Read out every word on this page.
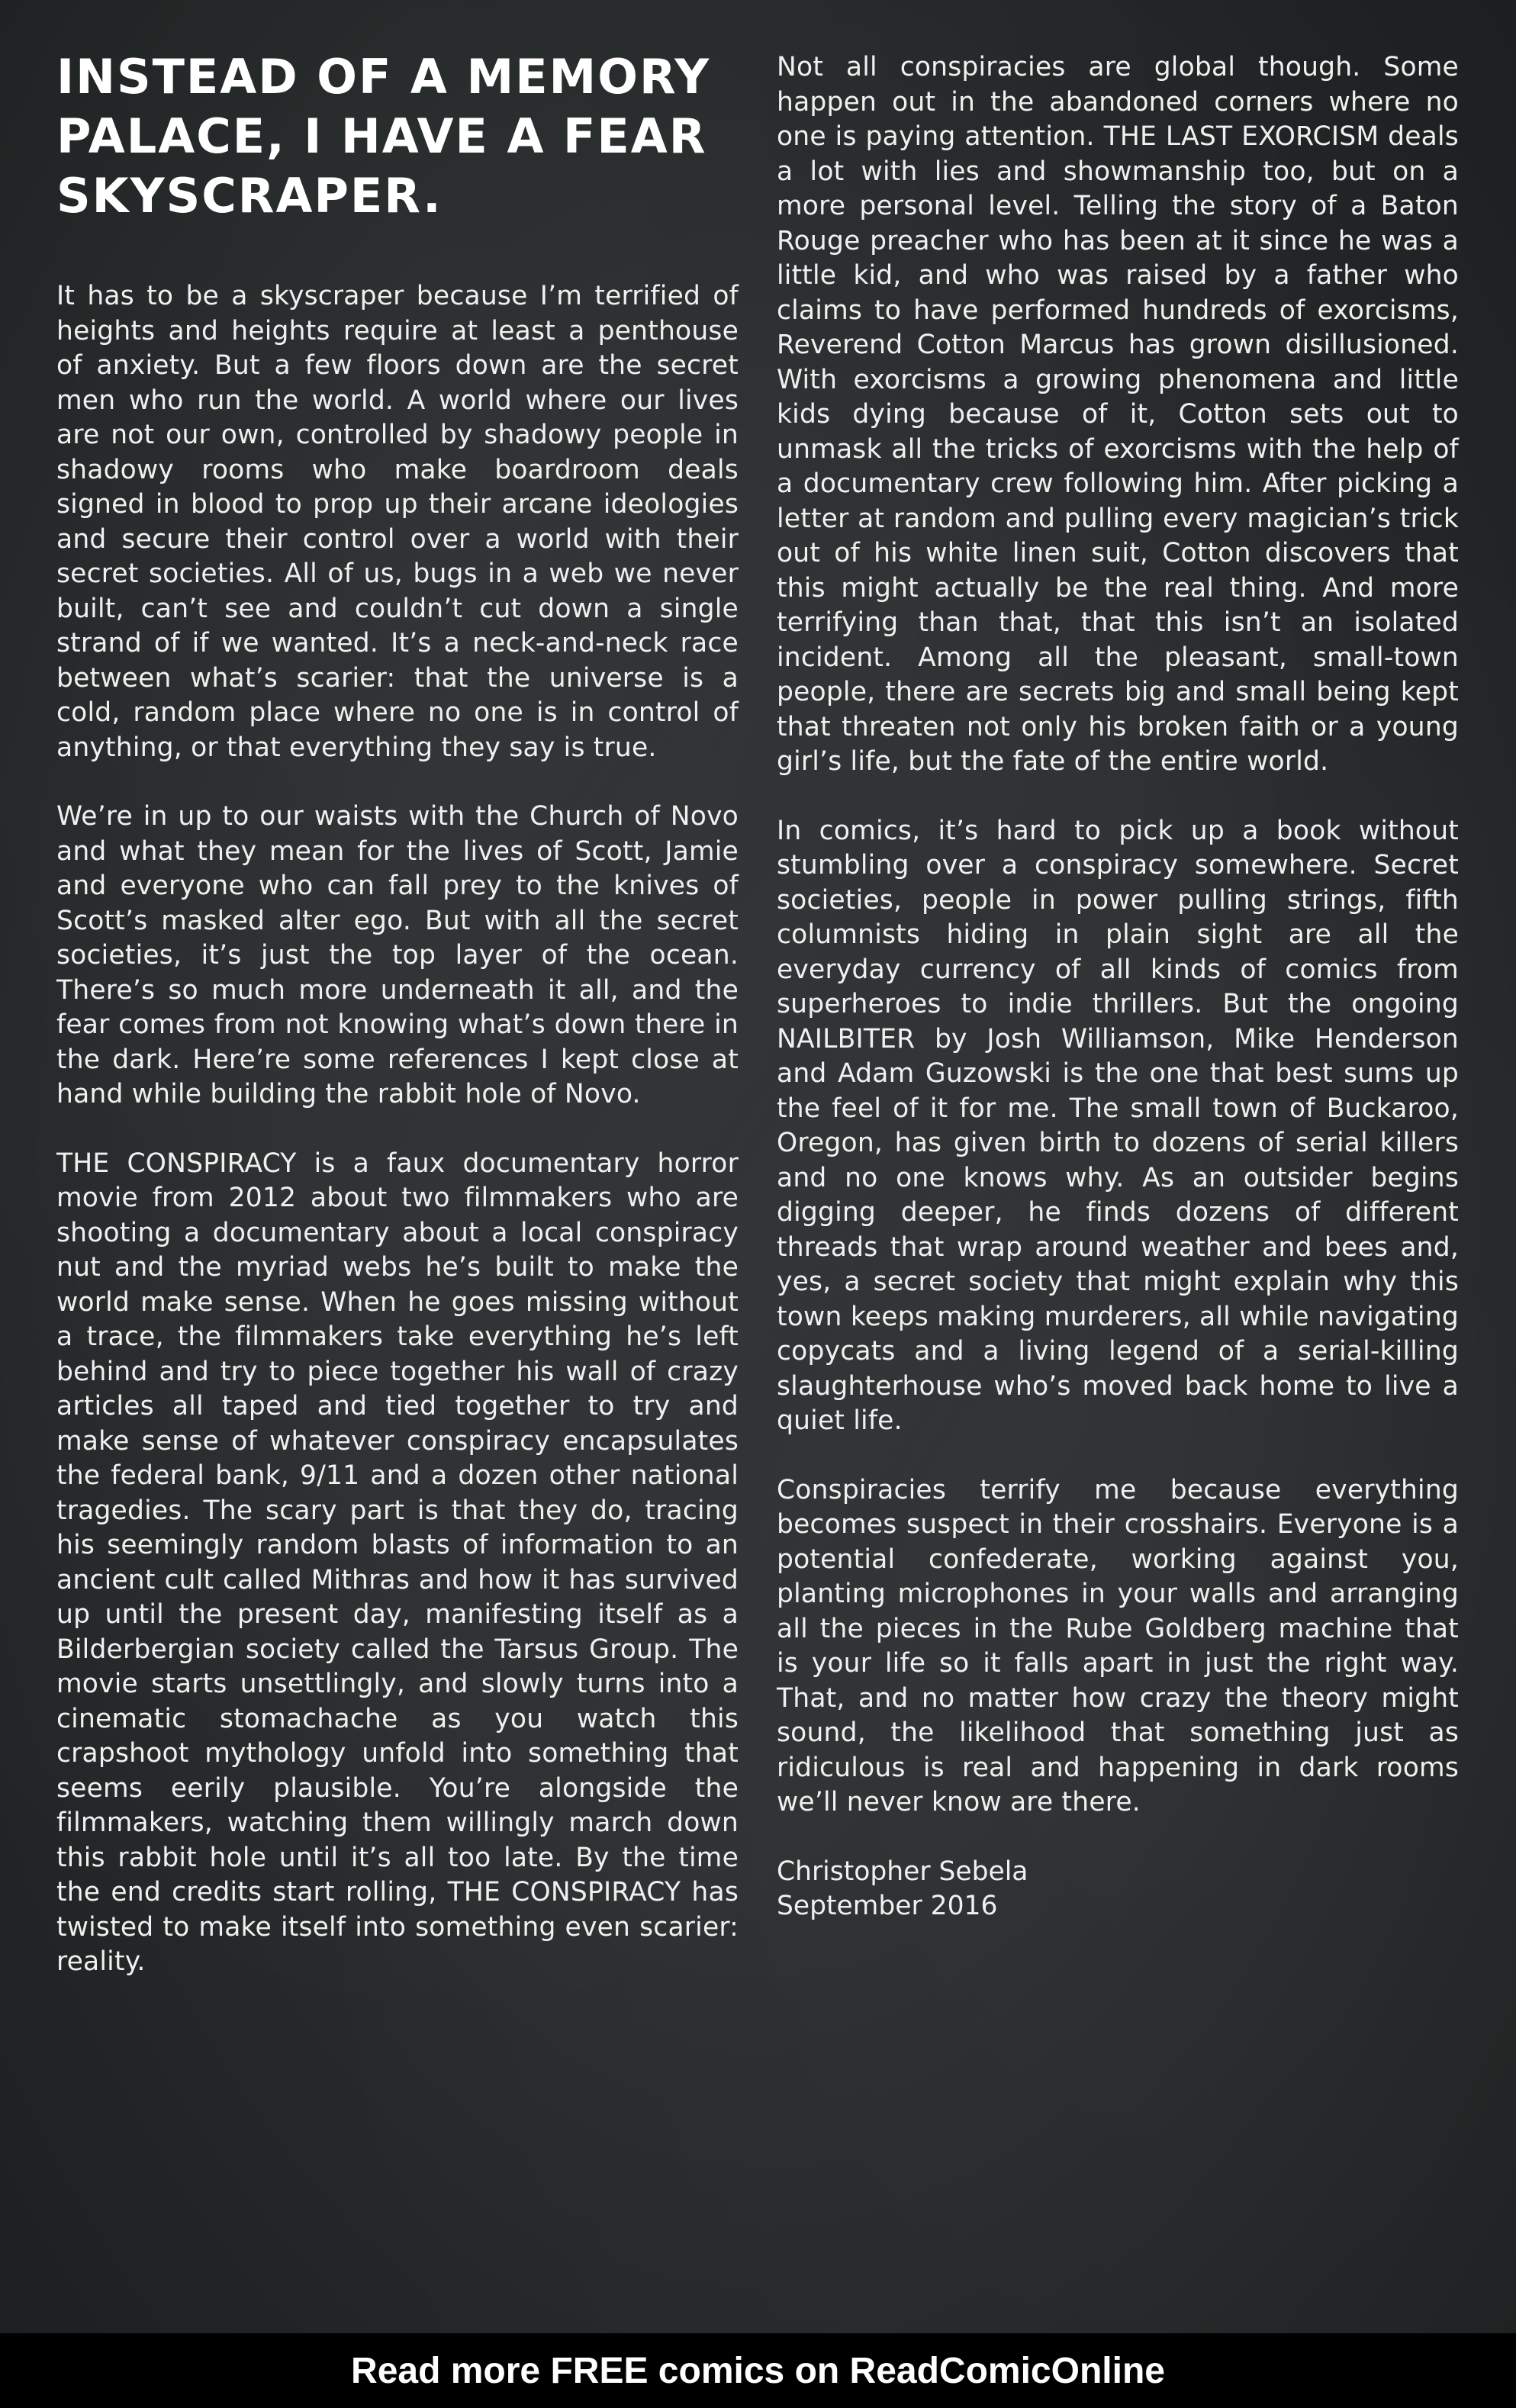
INSTEAD OF A MEMORY PALACE, I HAVE A FEAR SKYSCRAPER.

It has to be a skyscraper because I’m terrified of heights and heights require at least a penthouse of anxiety. But a few floors down are the secret men who run the world. A world where our lives are not our own, controlled by shadowy people in shadowy rooms who make boardroom deals signed in blood to prop up their arcane ideologies and secure their control over a world with their secret societies. All of us, bugs in a web we never built, can’t see and couldn’t cut down a single strand of if we wanted. It’s a neck-and-neck race between what’s scarier: that the universe is a cold, random place where no one is in control of anything, or that everything they say is true.

We’re in up to our waists with the Church of Novo and what they mean for the lives of Scott, Jamie and everyone who can fall prey to the knives of Scott’s masked alter ego. But with all the secret societies, it’s just the top layer of the ocean. There’s so much more underneath it all, and the fear comes from not knowing what’s down there in the dark. Here’re some references I kept close at hand while building the rabbit hole of Novo.

THE CONSPIRACY is a faux documentary horror movie from 2012 about two filmmakers who are shooting a documentary about a local conspiracy nut and the myriad webs he’s built to make the world make sense. When he goes missing without a trace, the filmmakers take everything he’s left behind and try to piece together his wall of crazy articles all taped and tied together to try and make sense of whatever conspiracy encapsulates the federal bank, 9/11 and a dozen other national tragedies. The scary part is that they do, tracing his seemingly random blasts of information to an ancient cult called Mithras and how it has survived up until the present day, manifesting itself as a Bilderbergian society called the Tarsus Group. The movie starts unsettlingly, and slowly turns into a cinematic stomachache as you watch this crapshoot mythology unfold into something that seems eerily plausible. You’re alongside the filmmakers, watching them willingly march down this rabbit hole until it’s all too late. By the time the end credits start rolling, THE CONSPIRACY has twisted to make itself into something even scarier: reality.

Not all conspiracies are global though. Some happen out in the abandoned corners where no one is paying attention. THE LAST EXORCISM deals a lot with lies and showmanship too, but on a more personal level. Telling the story of a Baton Rouge preacher who has been at it since he was a little kid, and who was raised by a father who claims to have performed hundreds of exorcisms, Reverend Cotton Marcus has grown disillusioned. With exorcisms a growing phenomena and little kids dying because of it, Cotton sets out to unmask all the tricks of exorcisms with the help of a documentary crew following him. After picking a letter at random and pulling every magician’s trick out of his white linen suit, Cotton discovers that this might actually be the real thing. And more terrifying than that, that this isn’t an isolated incident. Among all the pleasant, small-town people, there are secrets big and small being kept that threaten not only his broken faith or a young girl’s life, but the fate of the entire world.

In comics, it’s hard to pick up a book without stumbling over a conspiracy somewhere. Secret societies, people in power pulling strings, fifth columnists hiding in plain sight are all the everyday currency of all kinds of comics from superheroes to indie thrillers. But the ongoing NAILBITER by Josh Williamson, Mike Henderson and Adam Guzowski is the one that best sums up the feel of it for me. The small town of Buckaroo, Oregon, has given birth to dozens of serial killers and no one knows why. As an outsider begins digging deeper, he finds dozens of different threads that wrap around weather and bees and, yes, a secret society that might explain why this town keeps making murderers, all while navigating copycats and a living legend of a serial-killing slaughterhouse who’s moved back home to live a quiet life.

Conspiracies terrify me because everything becomes suspect in their crosshairs. Everyone is a potential confederate, working against you, planting microphones in your walls and arranging all the pieces in the Rube Goldberg machine that is your life so it falls apart in just the right way. That, and no matter how crazy the theory might sound, the likelihood that something just as ridiculous is real and happening in dark rooms we’ll never know are there.

Christopher Sebela
September 2016
Read more FREE comics on ReadComicOnline
